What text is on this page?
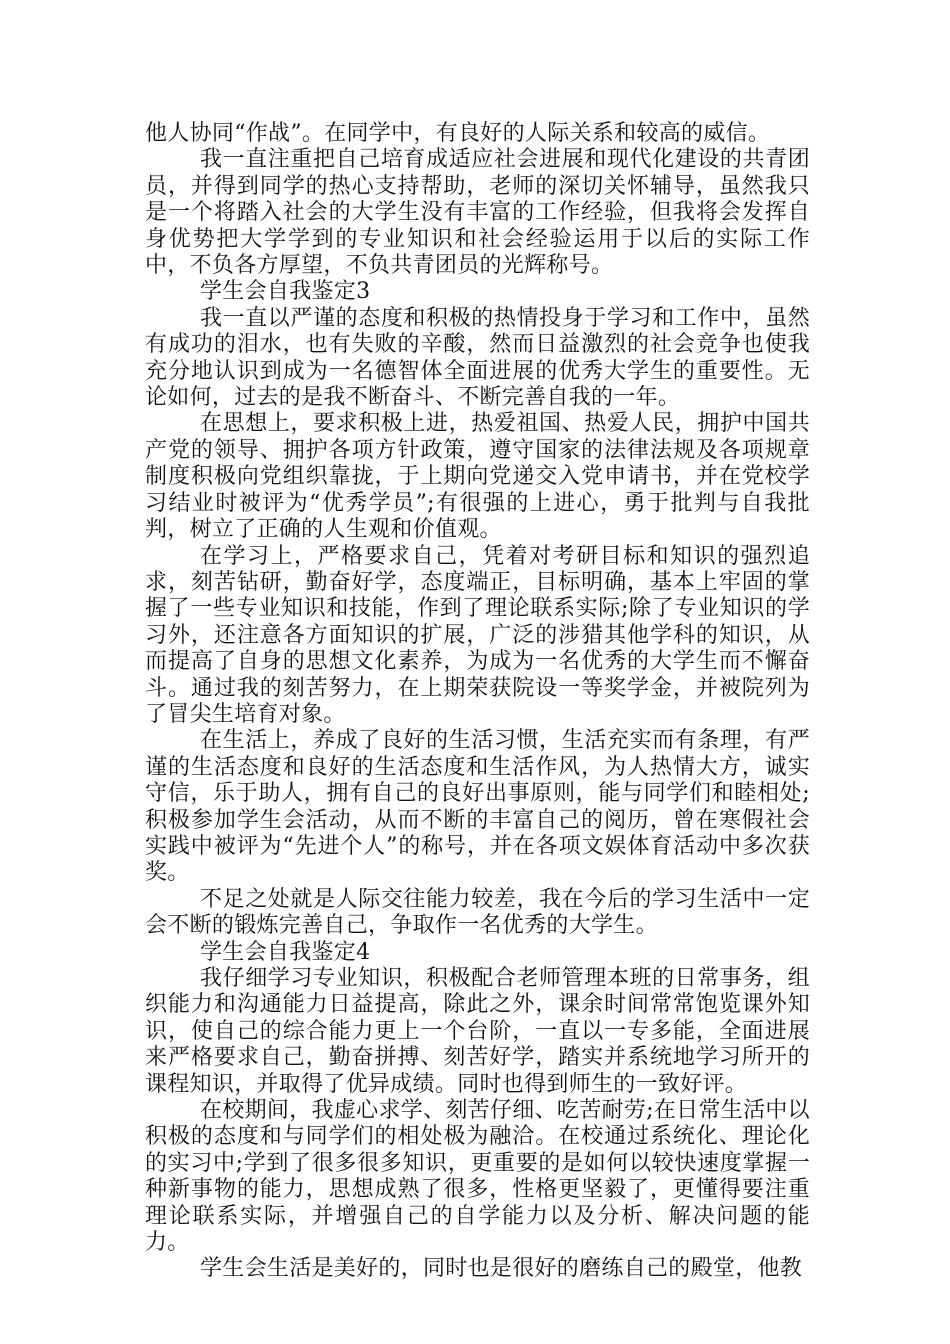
他人协同“作战”。在同学中，有良好的人际关系和较高的威信。

我一直注重把自己培育成适应社会进展和现代化建设的共青团员，并得到同学的热心支持帮助，老师的深切关怀辅导，虽然我只是一个将踏入社会的大学生没有丰富的工作经验，但我将会发挥自身优势把大学学到的专业知识和社会经验运用于以后的实际工作中，不负各方厚望，不负共青团员的光辉称号。

学生会自我鉴定3

我一直以严谨的态度和积极的热情投身于学习和工作中，虽然有成功的泪水，也有失败的辛酸，然而日益激烈的社会竞争也使我充分地认识到成为一名德智体全面进展的优秀大学生的重要性。无论如何，过去的是我不断奋斗、不断完善自我的一年。

在思想上，要求积极上进，热爱祖国、热爱人民，拥护中国共产党的领导、拥护各项方针政策，遵守国家的法律法规及各项规章制度积极向党组织靠拢，于上期向党递交入党申请书，并在党校学习结业时被评为“优秀学员”;有很强的上进心，勇于批判与自我批判，树立了正确的人生观和价值观。

在学习上，严格要求自己，凭着对考研目标和知识的强烈追求，刻苦钻研，勤奋好学，态度端正，目标明确，基本上牢固的掌握了一些专业知识和技能，作到了理论联系实际;除了专业知识的学习外，还注意各方面知识的扩展，广泛的涉猎其他学科的知识，从而提高了自身的思想文化素养，为成为一名优秀的大学生而不懈奋斗。通过我的刻苦努力，在上期荣获院设一等奖学金，并被院列为了冒尖生培育对象。

在生活上，养成了良好的生活习惯，生活充实而有条理，有严谨的生活态度和良好的生活态度和生活作风，为人热情大方，诚实守信，乐于助人，拥有自己的良好出事原则，能与同学们和睦相处;积极参加学生会活动，从而不断的丰富自己的阅历，曾在寒假社会实践中被评为“先进个人”的称号，并在各项文娱体育活动中多次获奖。

不足之处就是人际交往能力较差，我在今后的学习生活中一定会不断的锻炼完善自己，争取作一名优秀的大学生。

学生会自我鉴定4

我仔细学习专业知识，积极配合老师管理本班的日常事务，组织能力和沟通能力日益提高，除此之外，课余时间常常饱览课外知识，使自己的综合能力更上一个台阶，一直以一专多能，全面进展来严格要求自己，勤奋拼搏、刻苦好学，踏实并系统地学习所开的课程知识，并取得了优异成绩。同时也得到师生的一致好评。

在校期间，我虚心求学、刻苦仔细、吃苦耐劳;在日常生活中以积极的态度和与同学们的相处极为融洽。在校通过系统化、理论化的实习中;学到了很多很多知识，更重要的是如何以较快速度掌握一种新事物的能力，思想成熟了很多，性格更坚毅了，更懂得要注重理论联系实际，并增强自己的自学能力以及分析、解决问题的能力。

学生会生活是美好的，同时也是很好的磨练自己的殿堂，他教
